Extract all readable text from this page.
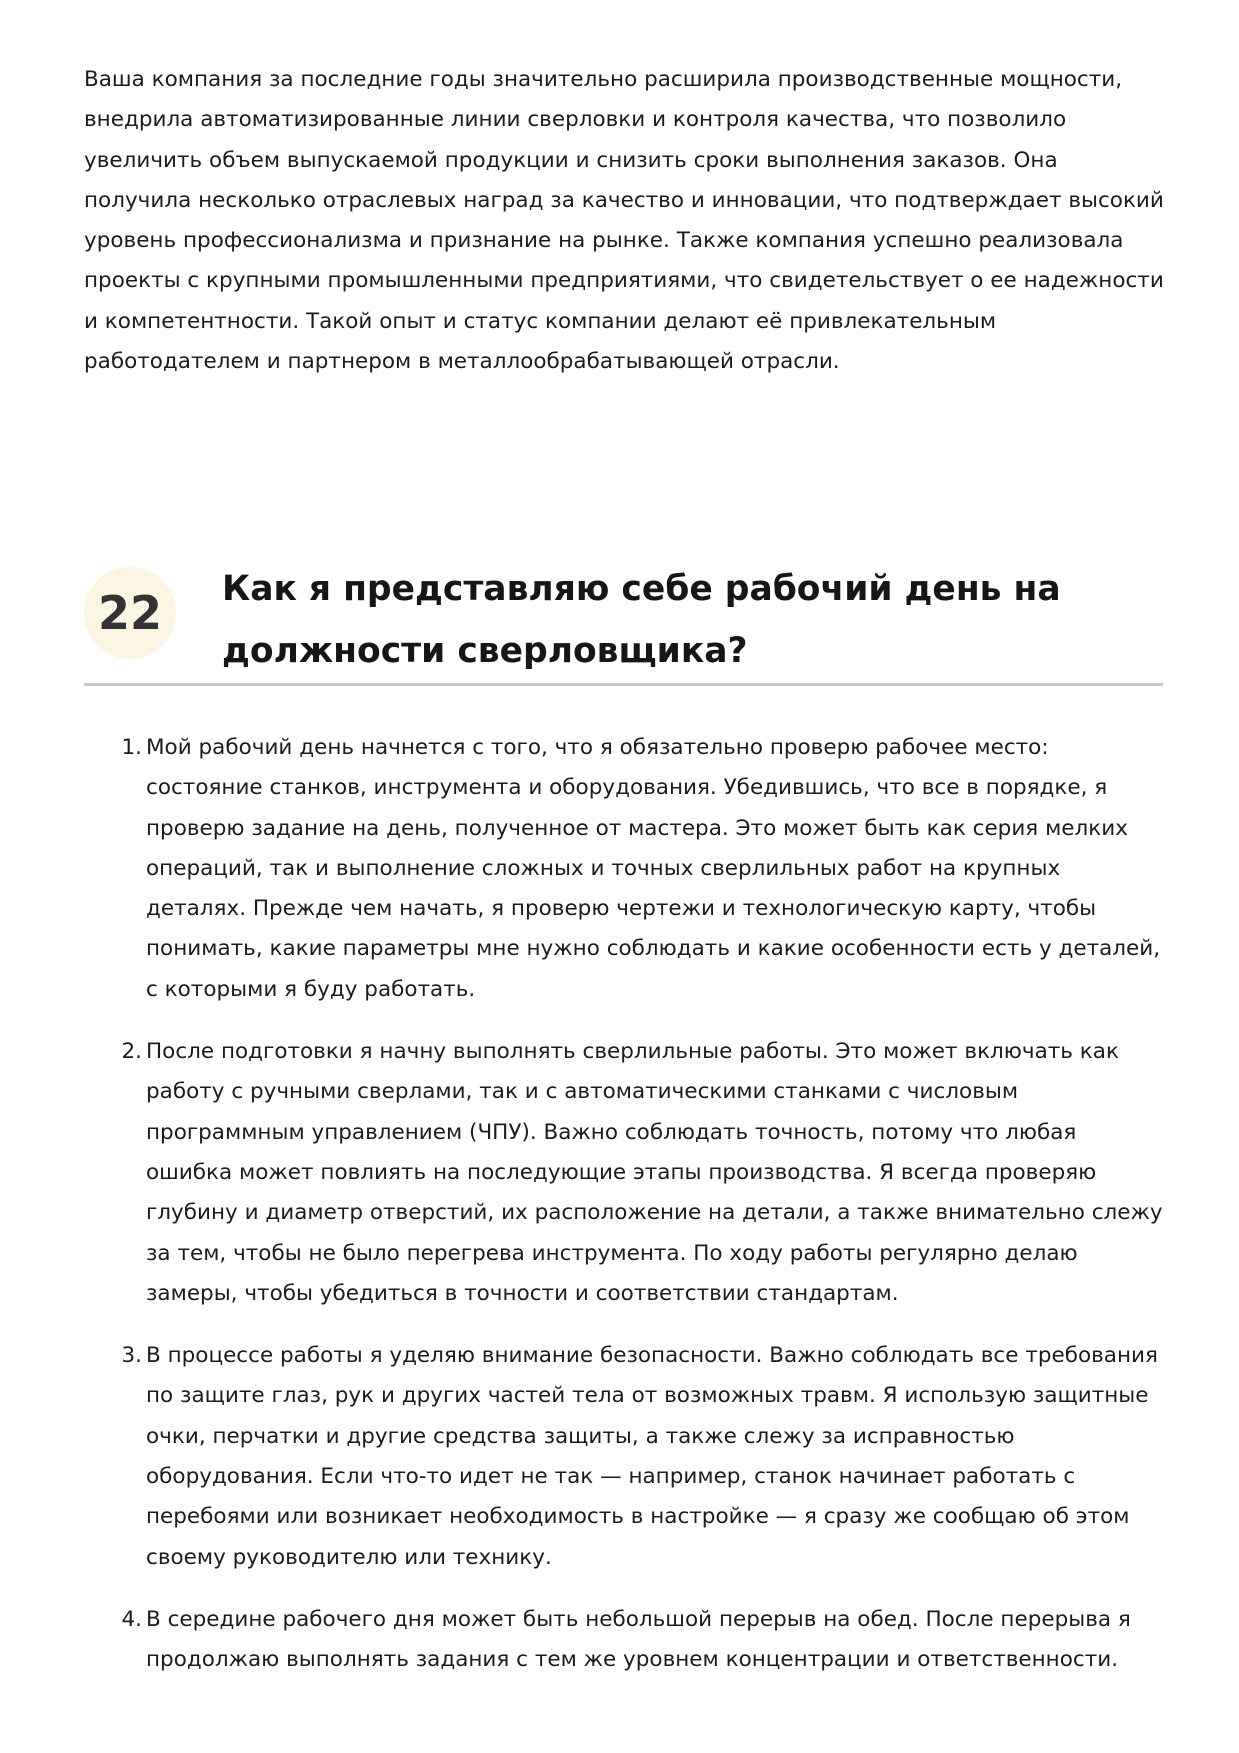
Ваша компания за последние годы значительно расширила производственные мощности, внедрила автоматизированные линии сверловки и контроля качества, что позволило увеличить объем выпускаемой продукции и снизить сроки выполнения заказов. Она получила несколько отраслевых наград за качество и инновации, что подтверждает высокий уровень профессионализма и признание на рынке. Также компания успешно реализовала проекты с крупными промышленными предприятиями, что свидетельствует о ее надежности и компетентности. Такой опыт и статус компании делают её привлекательным работодателем и партнером в металлообрабатывающей отрасли.

22	Как я представляю себе рабочий день на должности сверловщика?
1. Мой рабочий день начнется с того, что я обязательно проверю рабочее место: состояние станков, инструмента и оборудования. Убедившись, что все в порядке, я проверю задание на день, полученное от мастера. Это может быть как серия мелких операций, так и выполнение сложных и точных сверлильных работ на крупных деталях. Прежде чем начать, я проверю чертежи и технологическую карту, чтобы понимать, какие параметры мне нужно соблюдать и какие особенности есть у деталей, с которыми я буду работать.
2. После подготовки я начну выполнять сверлильные работы. Это может включать как работу с ручными сверлами, так и с автоматическими станками с числовым программным управлением (ЧПУ). Важно соблюдать точность, потому что любая ошибка может повлиять на последующие этапы производства. Я всегда проверяю глубину и диаметр отверстий, их расположение на детали, а также внимательно слежу за тем, чтобы не было перегрева инструмента. По ходу работы регулярно делаю замеры, чтобы убедиться в точности и соответствии стандартам.
3. В процессе работы я уделяю внимание безопасности. Важно соблюдать все требования по защите глаз, рук и других частей тела от возможных травм. Я использую защитные очки, перчатки и другие средства защиты, а также слежу за исправностью оборудования. Если что-то идет не так — например, станок начинает работать с перебоями или возникает необходимость в настройке — я сразу же сообщаю об этом своему руководителю или технику.
4. В середине рабочего дня может быть небольшой перерыв на обед. После перерыва я продолжаю выполнять задания с тем же уровнем концентрации и ответственности.
